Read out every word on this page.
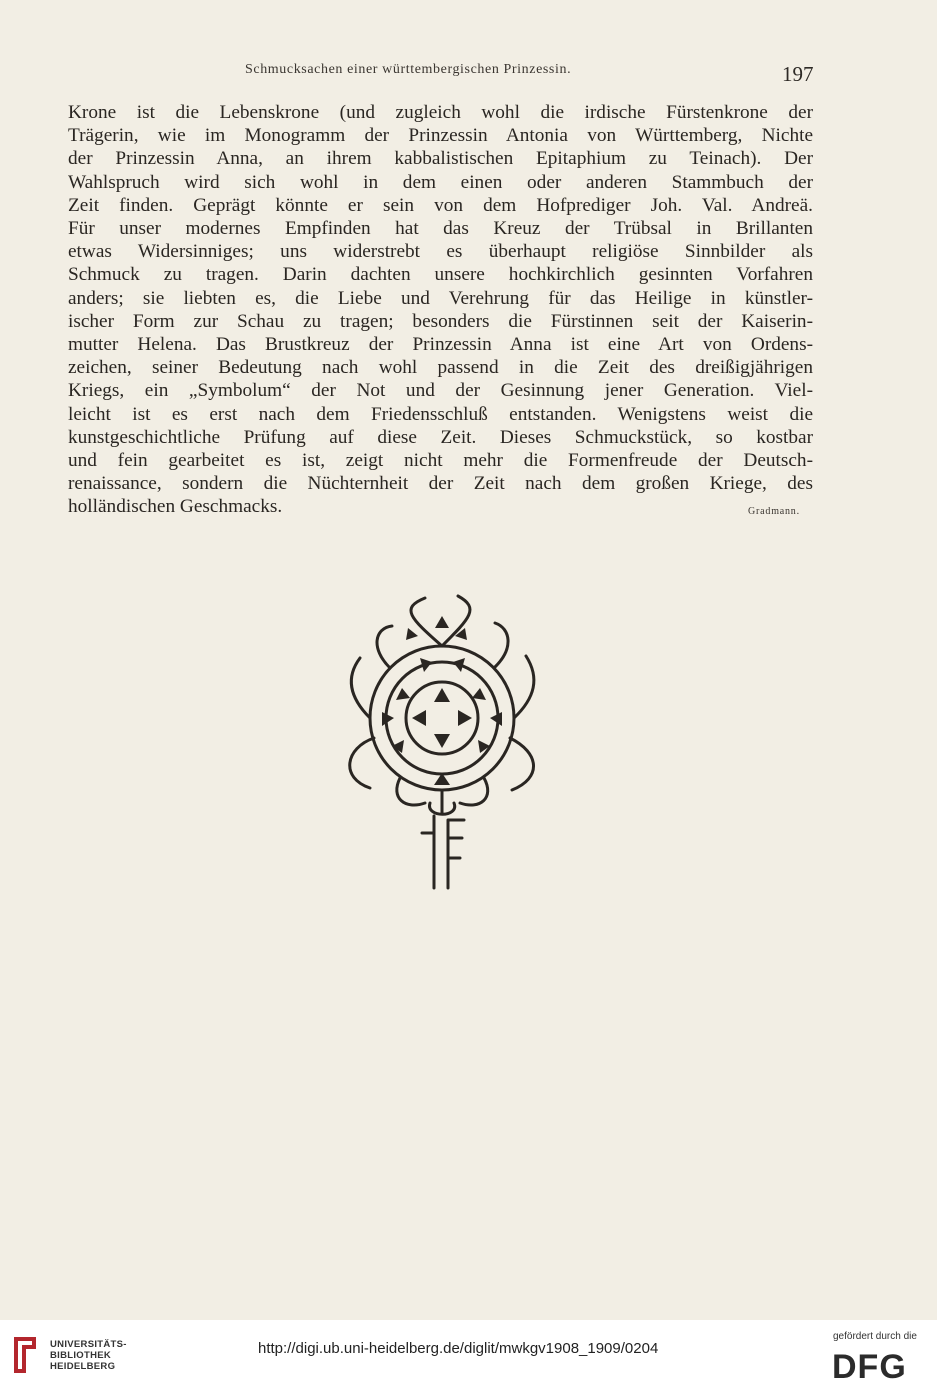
Schmucksachen einer württembergischen Prinzessin.	197
Krone ist die Lebenskrone (und zugleich wohl die irdische Fürstenkrone der
Trägerin, wie im Monogramm der Prinzessin Antonia von Württemberg, Nichte
der Prinzessin Anna, an ihrem kabbalistischen Epitaphium zu Teinach). Der
Wahlspruch wird sich wohl in dem einen oder anderen Stammbuch der
Zeit finden. Geprägt könnte er sein von dem Hofprediger Joh. Val. Andreä.
Für unser modernes Empfinden hat das Kreuz der Trübsal in Brillanten
etwas Widersinniges; uns widerstrebt es überhaupt religiöse Sinnbilder als
Schmuck zu tragen. Darin dachten unsere hochkirchlich gesinnten Vorfahren
anders; sie liebten es, die Liebe und Verehrung für das Heilige in künstler-
ischer Form zur Schau zu tragen; besonders die Fürstinnen seit der Kaiserin-
mutter Helena. Das Brustkreuz der Prinzessin Anna ist eine Art von Ordens-
zeichen, seiner Bedeutung nach wohl passend in die Zeit des dreißigjährigen
Kriegs, ein „Symbolum“ der Not und der Gesinnung jener Generation. Viel-
leicht ist es erst nach dem Friedensschluß entstanden. Wenigstens weist die
kunstgeschichtliche Prüfung auf diese Zeit. Dieses Schmuckstück, so kostbar
und fein gearbeitet es ist, zeigt nicht mehr die Formenfreude der Deutsch-
renaissance, sondern die Nüchternheit der Zeit nach dem großen Kriege, des
holländischen Geschmacks.	Gradmann.
UNIVERSITÄTS-
BIBLIOTHEK
HEIDELBERG
http://digi.ub.uni-heidelberg.de/diglit/mwkgv1908_1909/0204
gefördert durch die
DFG
